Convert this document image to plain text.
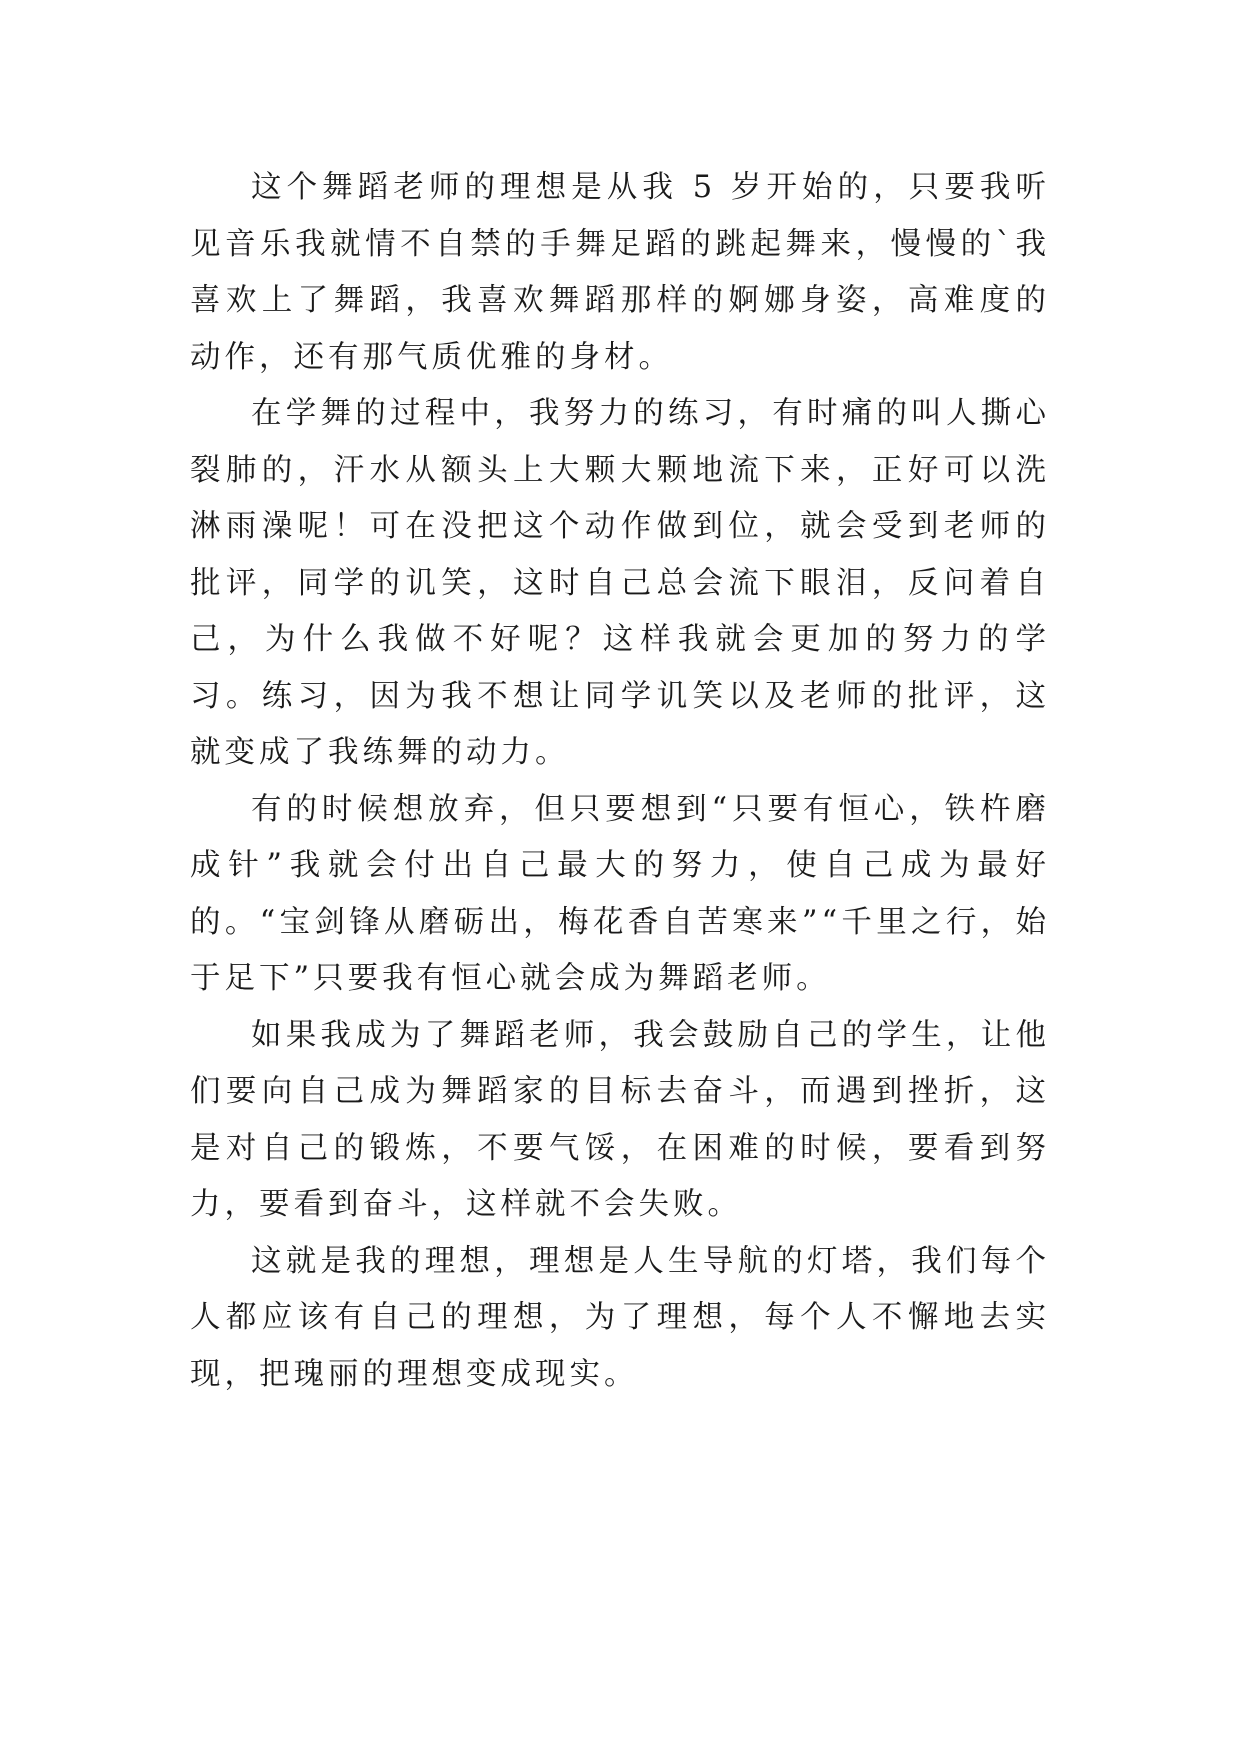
这个舞蹈老师的理想是从我 5 岁开始的，只要我听见音乐我就情不自禁的手舞足蹈的跳起舞来，慢慢的`我喜欢上了舞蹈，我喜欢舞蹈那样的婀娜身姿，高难度的动作，还有那气质优雅的身材。

在学舞的过程中，我努力的练习，有时痛的叫人撕心裂肺的，汗水从额头上大颗大颗地流下来，正好可以洗淋雨澡呢！可在没把这个动作做到位，就会受到老师的批评，同学的讥笑，这时自己总会流下眼泪，反问着自己，为什么我做不好呢？这样我就会更加的努力的学习。练习，因为我不想让同学讥笑以及老师的批评，这就变成了我练舞的动力。

有的时候想放弃，但只要想到“只要有恒心，铁杵磨成针”我就会付出自己最大的努力，使自己成为最好的。“宝剑锋从磨砺出，梅花香自苦寒来”“千里之行，始于足下”只要我有恒心就会成为舞蹈老师。

如果我成为了舞蹈老师，我会鼓励自己的学生，让他们要向自己成为舞蹈家的目标去奋斗，而遇到挫折，这是对自己的锻炼，不要气馁，在困难的时候，要看到努力，要看到奋斗，这样就不会失败。

这就是我的理想，理想是人生导航的灯塔，我们每个人都应该有自己的理想，为了理想，每个人不懈地去实现，把瑰丽的理想变成现实。
